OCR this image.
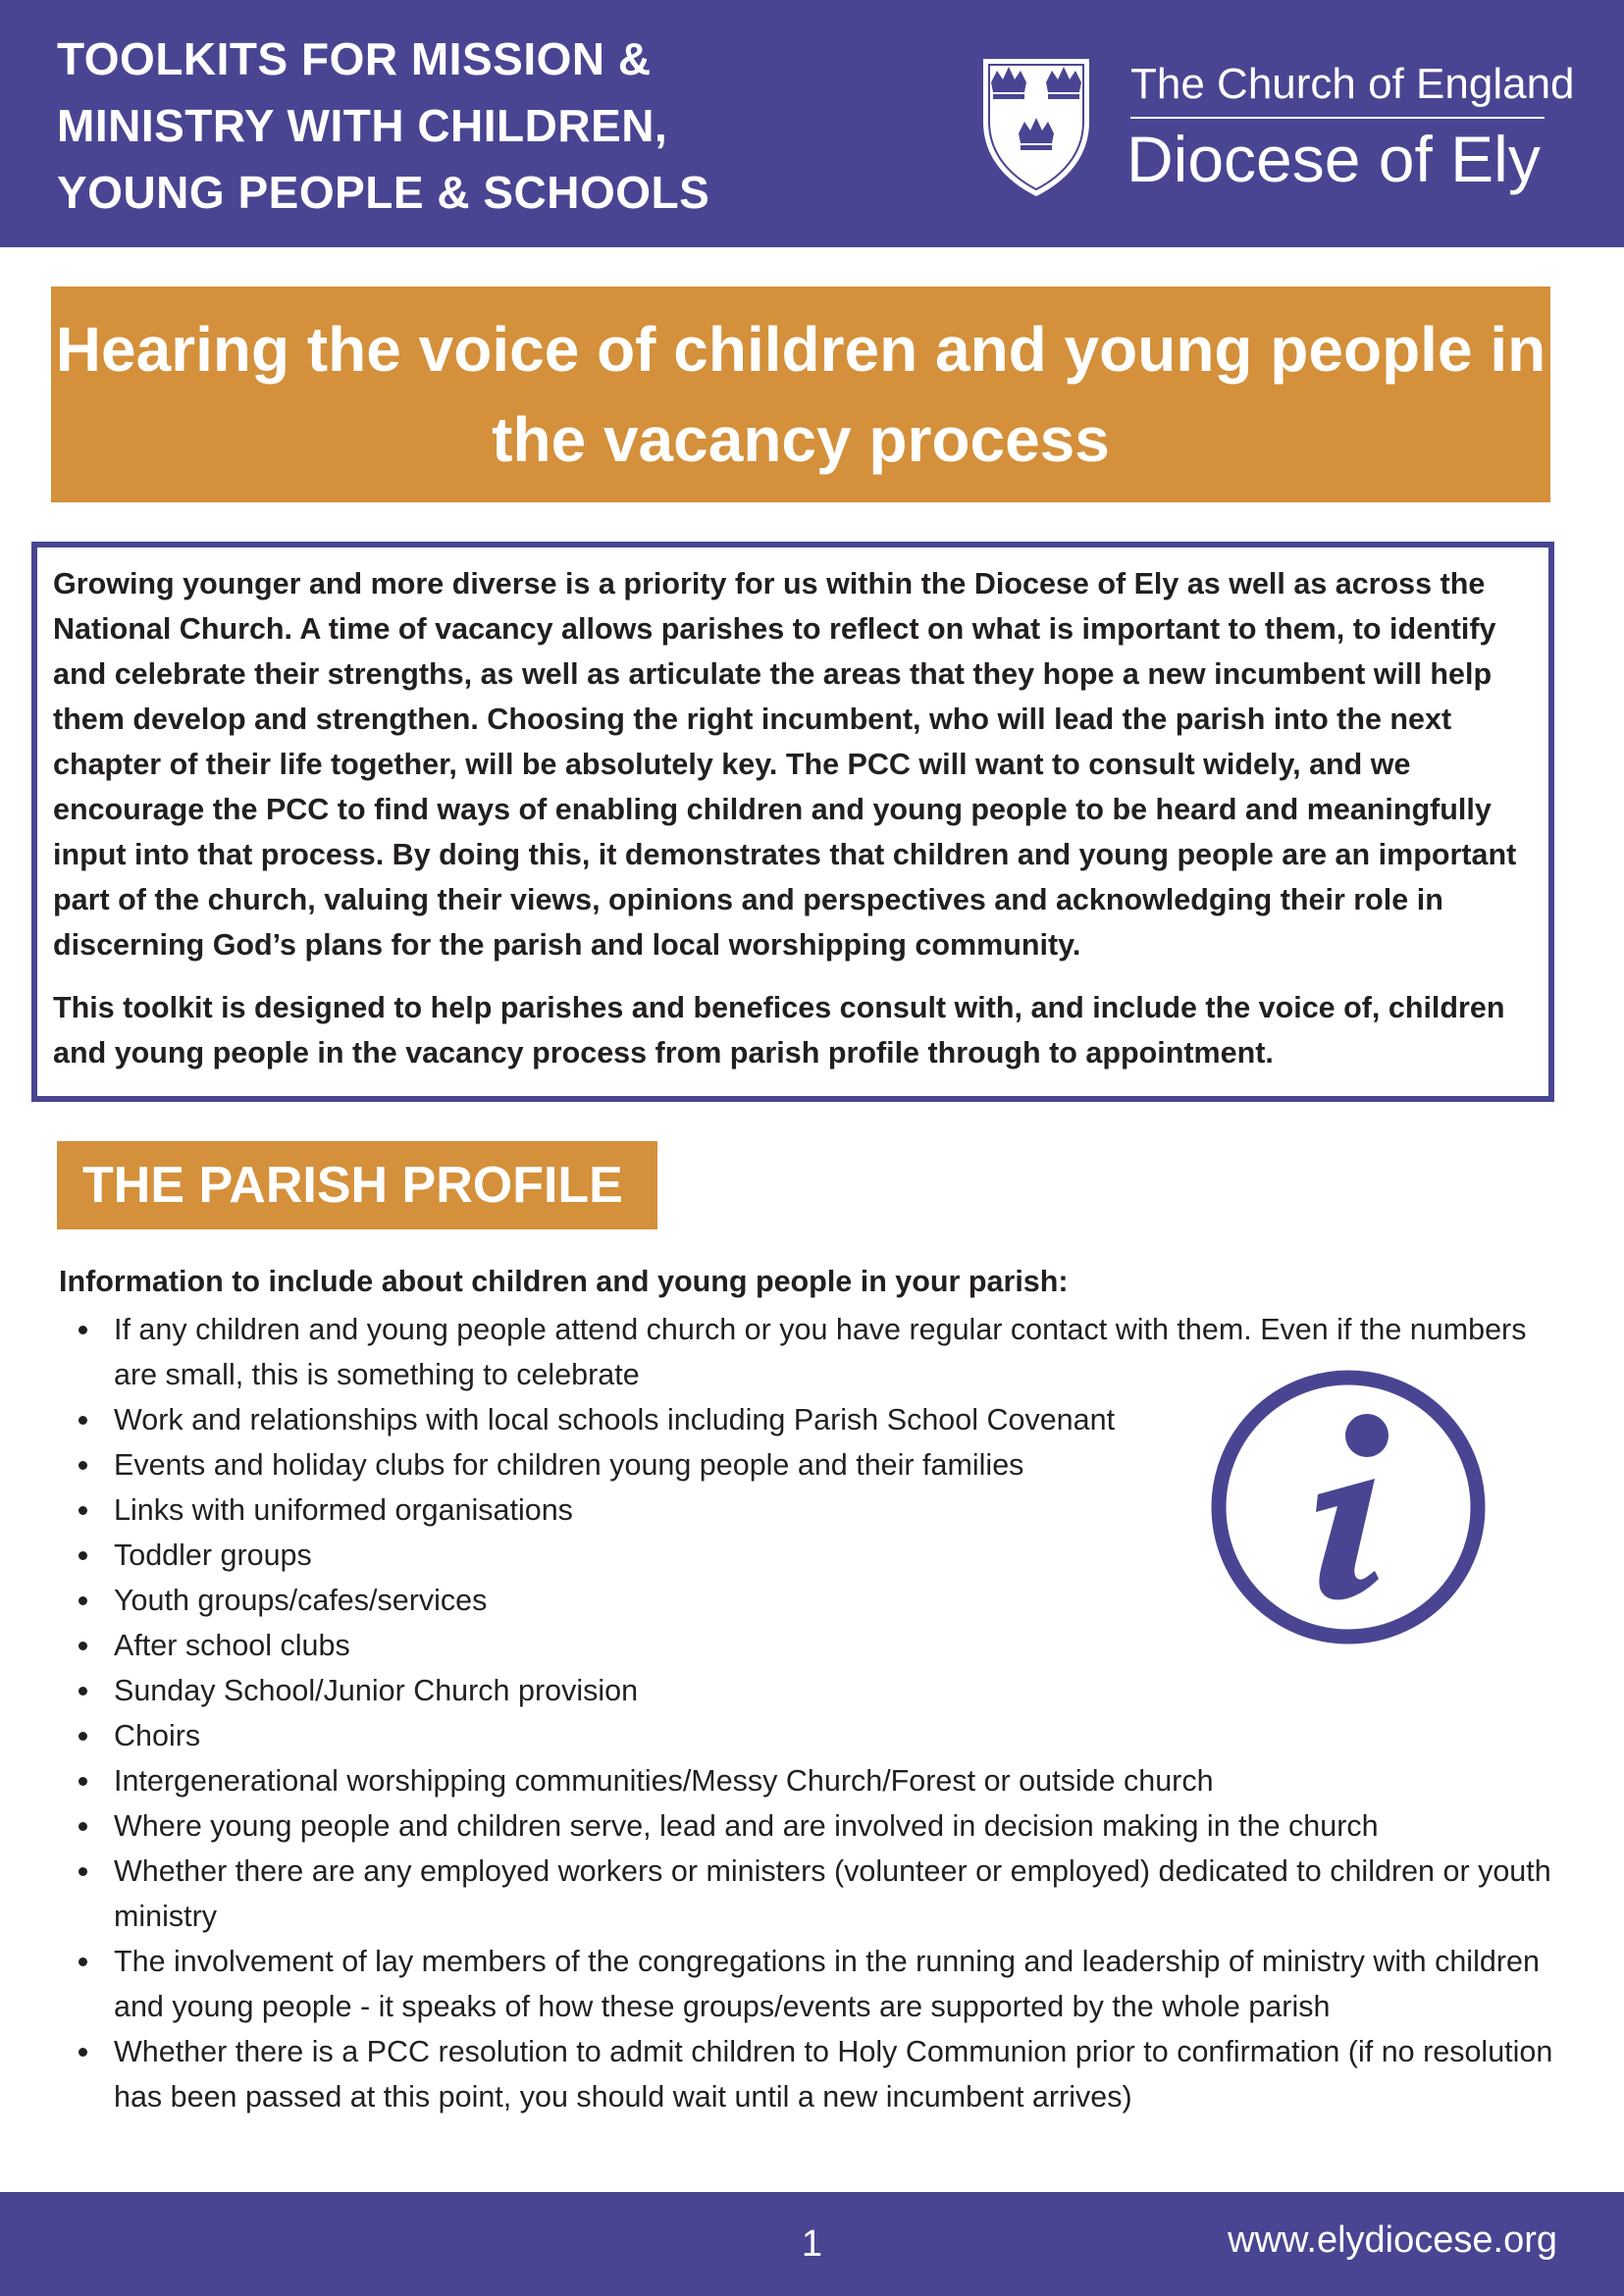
TOOLKITS FOR MISSION &
MINISTRY WITH CHILDREN,
YOUNG PEOPLE & SCHOOLS
The Church of England
Diocese of Ely
Hearing the voice of children and young people in the vacancy process

Growing younger and more diverse is a priority for us within the Diocese of Ely as well as across the National Church. A time of vacancy allows parishes to reflect on what is important to them, to identify and celebrate their strengths, as well as articulate the areas that they hope a new incumbent will help them develop and strengthen. Choosing the right incumbent, who will lead the parish into the next chapter of their life together, will be absolutely key. The PCC will want to consult widely, and we encourage the PCC to find ways of enabling children and young people to be heard and meaningfully input into that process. By doing this, it demonstrates that children and young people are an important part of the church, valuing their views, opinions and perspectives and acknowledging their role in discerning God’s plans for the parish and local worshipping community.

This toolkit is designed to help parishes and benefices consult with, and include the voice of, children and young people in the vacancy process from parish profile through to appointment.

THE PARISH PROFILE
Information to include about children and young people in your parish:
If any children and young people attend church or you have regular contact with them. Even if the numbers are small, this is something to celebrate
Work and relationships with local schools including Parish School Covenant
Events and holiday clubs for children young people and their families
Links with uniformed organisations
Toddler groups
Youth groups/cafes/services
After school clubs
Sunday School/Junior Church provision
Choirs
Intergenerational worshipping communities/Messy Church/Forest or outside church
Where young people and children serve, lead and are involved in decision making in the church
Whether there are any employed workers or ministers (volunteer or employed) dedicated to children or youth ministry
The involvement of lay members of the congregations in the running and leadership of ministry with children and young people - it speaks of how these groups/events are supported by the whole parish
Whether there is a PCC resolution to admit children to Holy Communion prior to confirmation (if no resolution has been passed at this point, you should wait until a new incumbent arrives)
1	www.elydiocese.org
